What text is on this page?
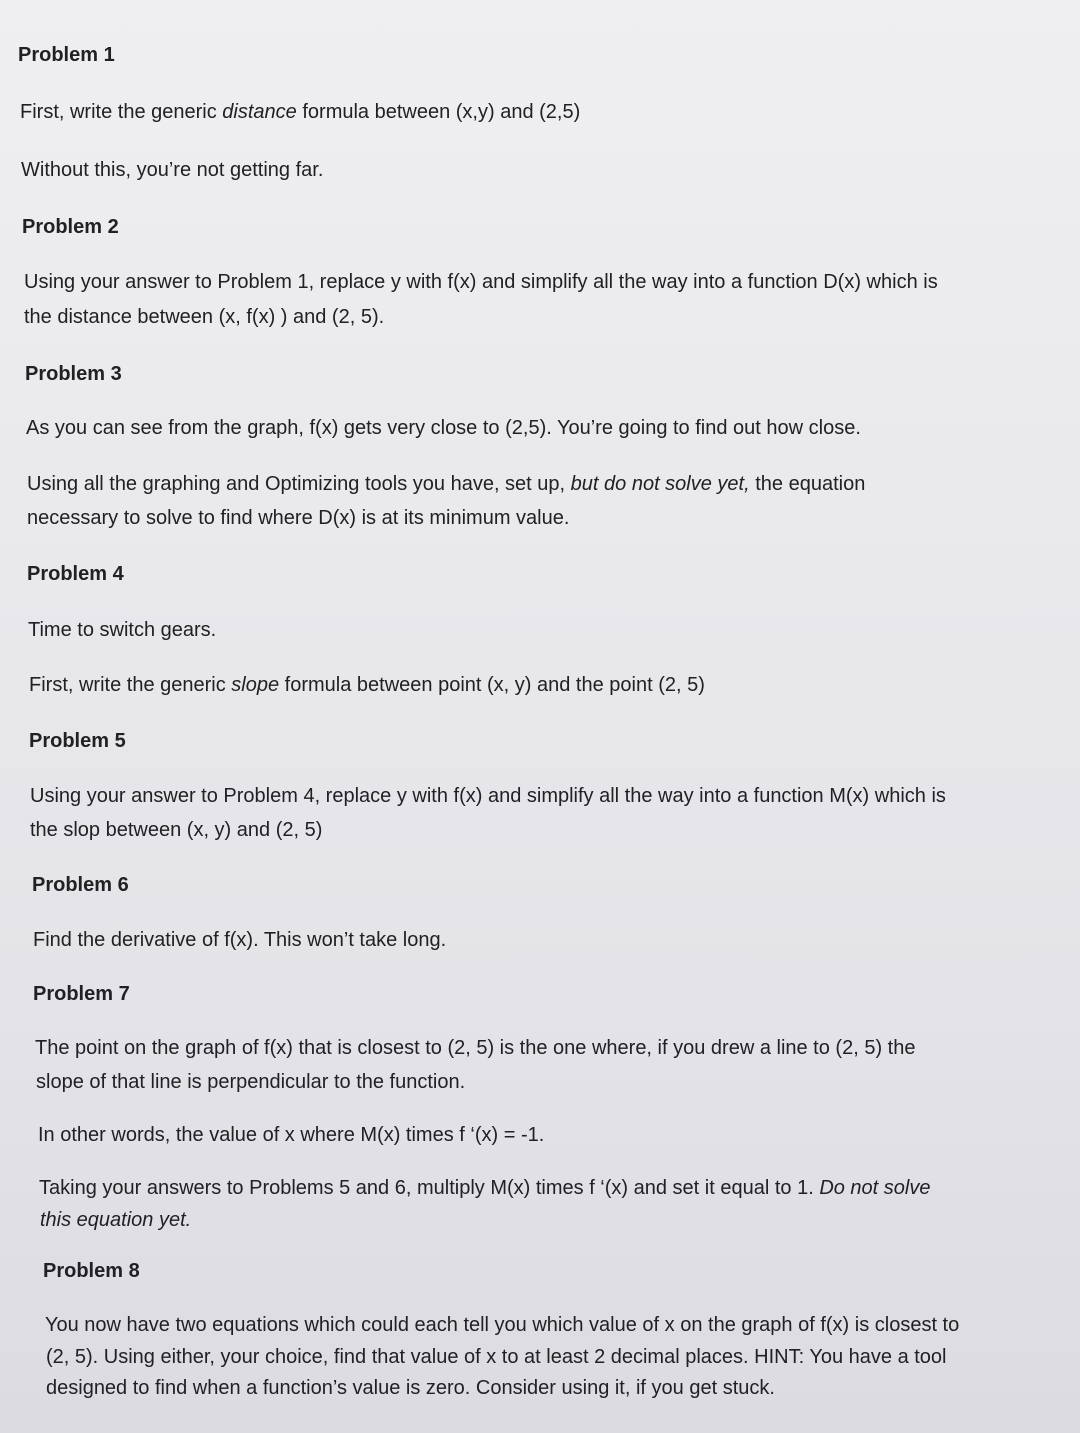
Problem 1
First, write the generic distance formula between (x,y) and (2,5)
Without this, you’re not getting far.
Problem 2
Using your answer to Problem 1, replace y with f(x) and simplify all the way into a function D(x) which is
the distance between (x, f(x) ) and (2, 5).
Problem 3
As you can see from the graph, f(x) gets very close to (2,5). You’re going to find out how close.
Using all the graphing and Optimizing tools you have, set up, but do not solve yet, the equation
necessary to solve to find where D(x) is at its minimum value.
Problem 4
Time to switch gears.
First, write the generic slope formula between point (x, y) and the point (2, 5)
Problem 5
Using your answer to Problem 4, replace y with f(x) and simplify all the way into a function M(x) which is
the slop between (x, y) and (2, 5)
Problem 6
Find the derivative of f(x). This won’t take long.
Problem 7
The point on the graph of f(x) that is closest to (2, 5) is the one where, if you drew a line to (2, 5) the
slope of that line is perpendicular to the function.
In other words, the value of x where M(x) times f ‘(x) = -1.
Taking your answers to Problems 5 and 6, multiply M(x) times f ‘(x) and set it equal to 1. Do not solve
this equation yet.
Problem 8
You now have two equations which could each tell you which value of x on the graph of f(x) is closest to
(2, 5). Using either, your choice, find that value of x to at least 2 decimal places. HINT: You have a tool
designed to find when a function’s value is zero. Consider using it, if you get stuck.
